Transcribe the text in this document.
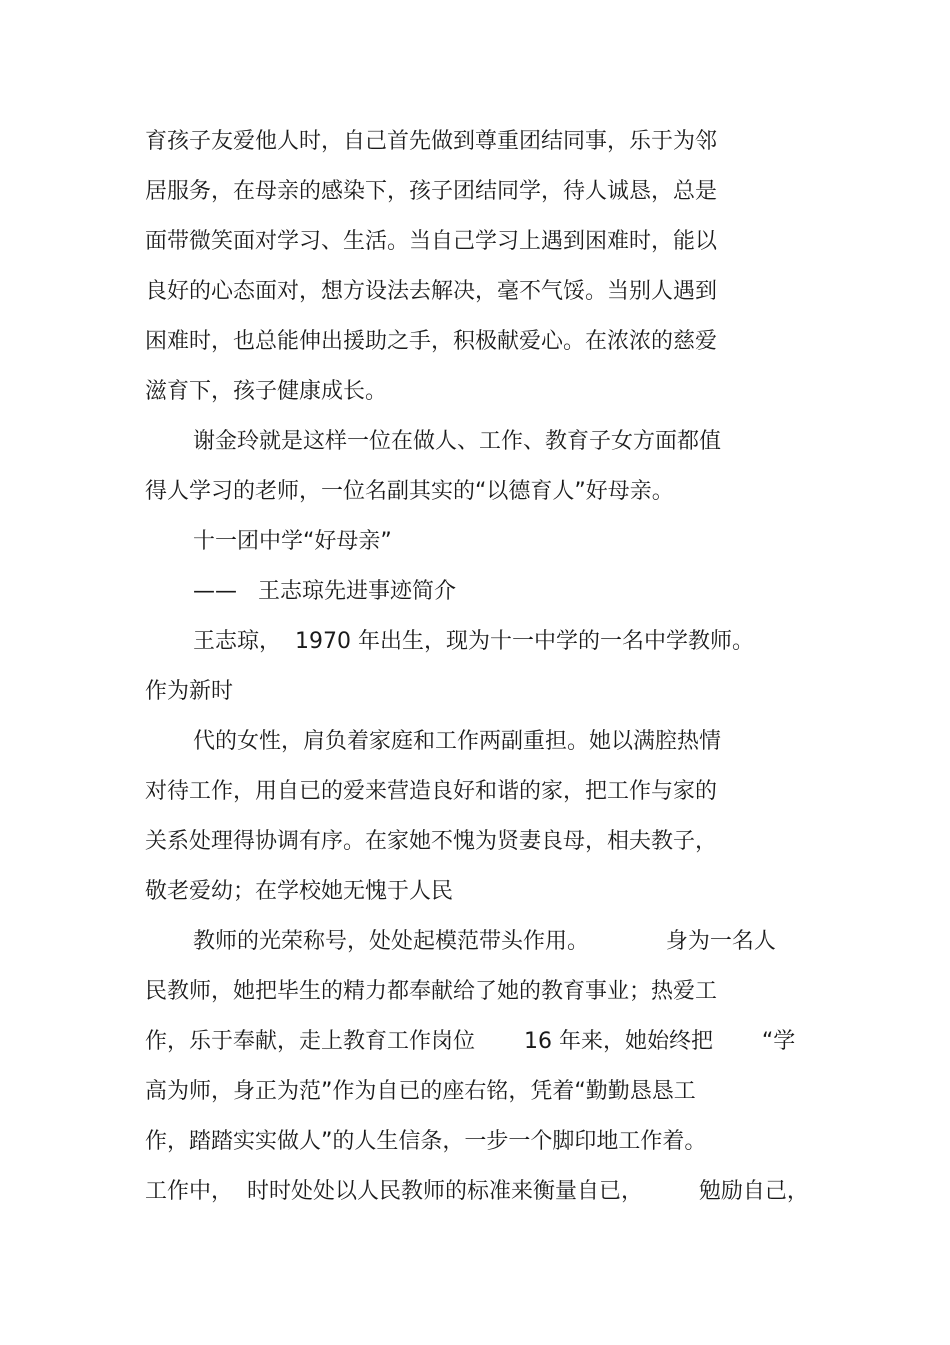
育孩子友爱他人时，自己首先做到尊重团结同事，乐于为邻
居服务，在母亲的感染下，孩子团结同学，待人诚恳，总是
面带微笑面对学习、生活。当自己学习上遇到困难时，能以
良好的心态面对，想方设法去解决，毫不气馁。当别人遇到
困难时，也总能伸出援助之手，积极献爱心。在浓浓的慈爱
滋育下，孩子健康成长。
谢金玲就是这样一位在做人、工作、教育子女方面都值
得人学习的老师，一位名副其实的“以德育人”好母亲。
十一团中学“好母亲”
——   王志琼先进事迹简介
王志琼，  1970 年出生，现为十一中学的一名中学教师。
作为新时
代的女性，肩负着家庭和工作两副重担。她以满腔热情
对待工作，用自已的爱来营造良好和谐的家，把工作与家的
关系处理得协调有序。在家她不愧为贤妻良母，相夫教子，
敬老爱幼；在学校她无愧于人民
教师的光荣称号，处处起模范带头作用。           身为一名人
民教师，她把毕生的精力都奉献给了她的教育事业；热爱工
作，乐于奉献，走上教育工作岗位       16 年来，她始终把       “学
高为师，身正为范”作为自已的座右铭，凭着“勤勤恳恳工
作，踏踏实实做人”的人生信条，一步一个脚印地工作着。
工作中，  时时处处以人民教师的标准来衡量自已，        勉励自己，
